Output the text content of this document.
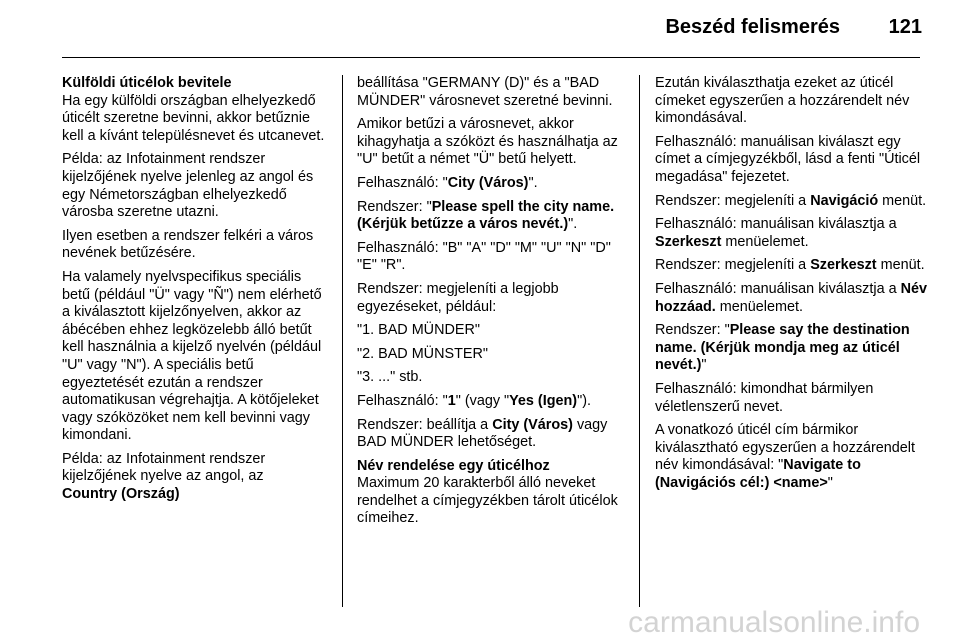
Beszéd felismerés 121

Külföldi úticélok bevitele

Ha egy külföldi országban elhelyezkedő úticélt szeretne bevinni, akkor betűznie kell a kívánt településnevet és utcanevet.

Példa: az Infotainment rendszer kijelzőjének nyelve jelenleg az angol és egy Németországban elhelyezkedő városba szeretne utazni.

Ilyen esetben a rendszer felkéri a város nevének betűzésére.

Ha valamely nyelvspecifikus speciális betű (például "Ü" vagy "Ñ") nem elérhető a kiválasztott kijelzőnyelven, akkor az ábécében ehhez legközelebb álló betűt kell használnia a kijelző nyelvén (például "U" vagy "N"). A speciális betű egyeztetését ezután a rendszer automatikusan végrehajtja. A kötőjeleket vagy szóközöket nem kell bevinni vagy kimondani.

Példa: az Infotainment rendszer kijelzőjének nyelve az angol, az
Country (Ország)

beállítása "GERMANY (D)" és a "BAD MÜNDER" városnevet szeretné bevinni.

Amikor betűzi a városnevet, akkor kihagyhatja a szóközt és használhatja az "U" betűt a német "Ü" betű helyett.

Felhasználó: "City (Város)".

Rendszer: "Please spell the city name. (Kérjük betűzze a város nevét.)".

Felhasználó: "B" "A" "D" "M" "U" "N" "D" "E" "R".

Rendszer: megjeleníti a legjobb egyezéseket, például:

"1. BAD MÜNDER"

"2. BAD MÜNSTER"

"3. ..." stb.

Felhasználó: "1" (vagy "Yes (Igen)").

Rendszer: beállítja a City (Város) vagy BAD MÜNDER lehetőséget.

Név rendelése egy úticélhoz

Maximum 20 karakterből álló neveket rendelhet a címjegyzékben tárolt úticélok címeihez.

Ezután kiválaszthatja ezeket az úticél címeket egyszerűen a hozzárendelt név kimondásával.

Felhasználó: manuálisan kiválaszt egy címet a címjegyzékből, lásd a fenti "Úticél megadása" fejezetet.

Rendszer: megjeleníti a Navigáció menüt.

Felhasználó: manuálisan kiválasztja a Szerkeszt menüelemet.

Rendszer: megjeleníti a Szerkeszt menüt.

Felhasználó: manuálisan kiválasztja a Név hozzáad. menüelemet.

Rendszer: "Please say the destination name. (Kérjük mondja meg az úticél nevét.)"

Felhasználó: kimondhat bármilyen véletlenszerű nevet.

A vonatkozó úticél cím bármikor kiválasztható egyszerűen a hozzárendelt név kimondásával: "Navigate to (Navigációs cél:) <name>"

carmanualsonline.info
